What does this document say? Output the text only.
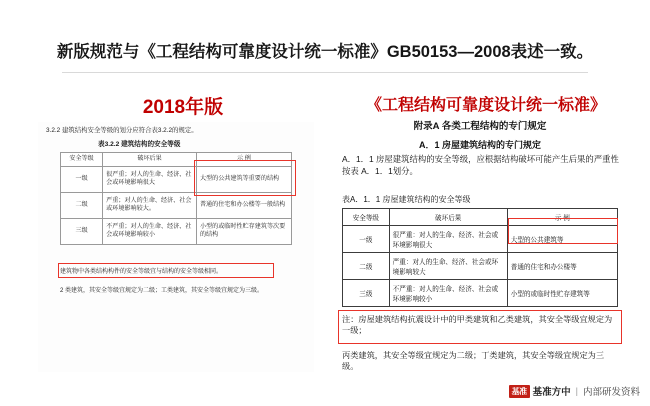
新版规范与《工程结构可靠度设计统一标准》GB50153—2008表述一致。
2018年版	《工程结构可靠度设计统一标准》
3.2.2 建筑结构安全等级的划分应符合表3.2.2的规定。
表3.2.2 建筑结构的安全等级
安全等级	破坏后果	示 例
一级	很严重；对人的生命、经济、社会或环境影响很大	大型的公共建筑等重要的结构
二级	严重；对人的生命、经济、社会或环境影响较大。	普通的住宅和办公楼等一般结构
三级	不严重；对人的生命、经济、社会或环境影响较小	小型的或临时性贮存建筑等次要的结构
建筑物中各类结构构件的安全等级宜与结构的安全等级相同。
2 类建筑，其安全等级宜规定为二级；工类建筑，其安全等级宜规定为三级。
附录A 各类工程结构的专门规定
A．1 房屋建筑结构的专门规定
A．1．1 房屋建筑结构的安全等级，应根据结构破坏可能产生后果的严重性按表 A．1．1划分。
表A．1．1 房屋建筑结构的安全等级
安全等级	破坏后果	示 例
一级	很严重：对人的生命、经济、社会或环境影响很大	大型的公共建筑等
二级	严重：对人的生命、经济、社会或环境影响较大	普通的住宅和办公楼等
三级	不严重：对人的生命、经济、社会或环境影响较小	小型的或临时性贮存建筑等
注：房屋建筑结构抗震设计中的甲类建筑和乙类建筑，其安全等级宜规定为一级；
丙类建筑，其安全等级宜规定为二级；丁类建筑，其安全等级宜规定为三级。
基准 基准方中 | 内部研发资料
